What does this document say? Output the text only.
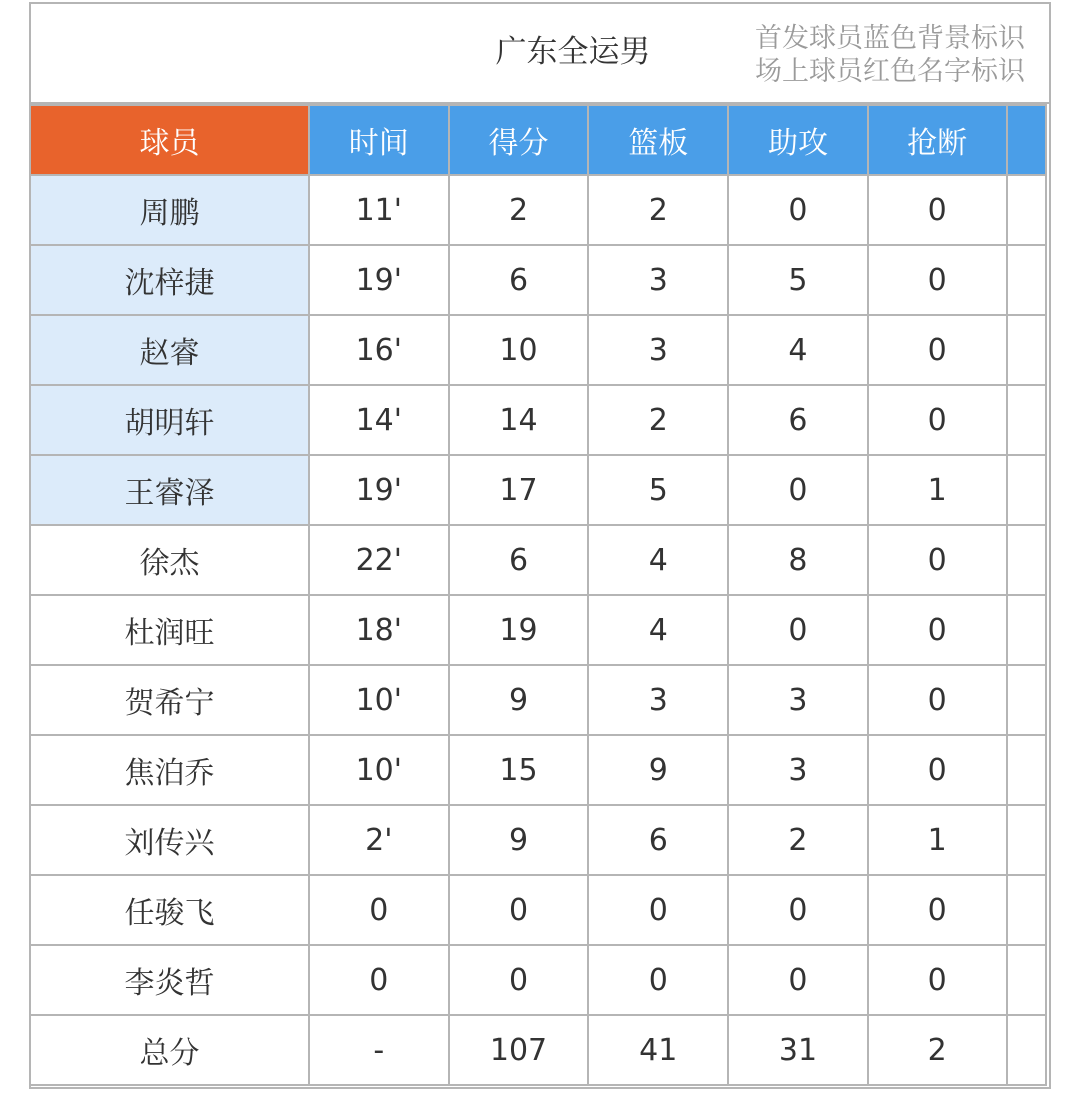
广东全运男	首发球员蓝色背景标识
场上球员红色名字标识
球员	时间	得分	篮板	助攻	抢断	
周鹏	11'	2	2	0	0	
沈梓捷	19'	6	3	5	0	
赵睿	16'	10	3	4	0	
胡明轩	14'	14	2	6	0	
王睿泽	19'	17	5	0	1	
徐杰	22'	6	4	8	0	
杜润旺	18'	19	4	0	0	
贺希宁	10'	9	3	3	0	
焦泊乔	10'	15	9	3	0	
刘传兴	2'	9	6	2	1	
任骏飞	0	0	0	0	0	
李炎哲	0	0	0	0	0	
总分	-	107	41	31	2	
